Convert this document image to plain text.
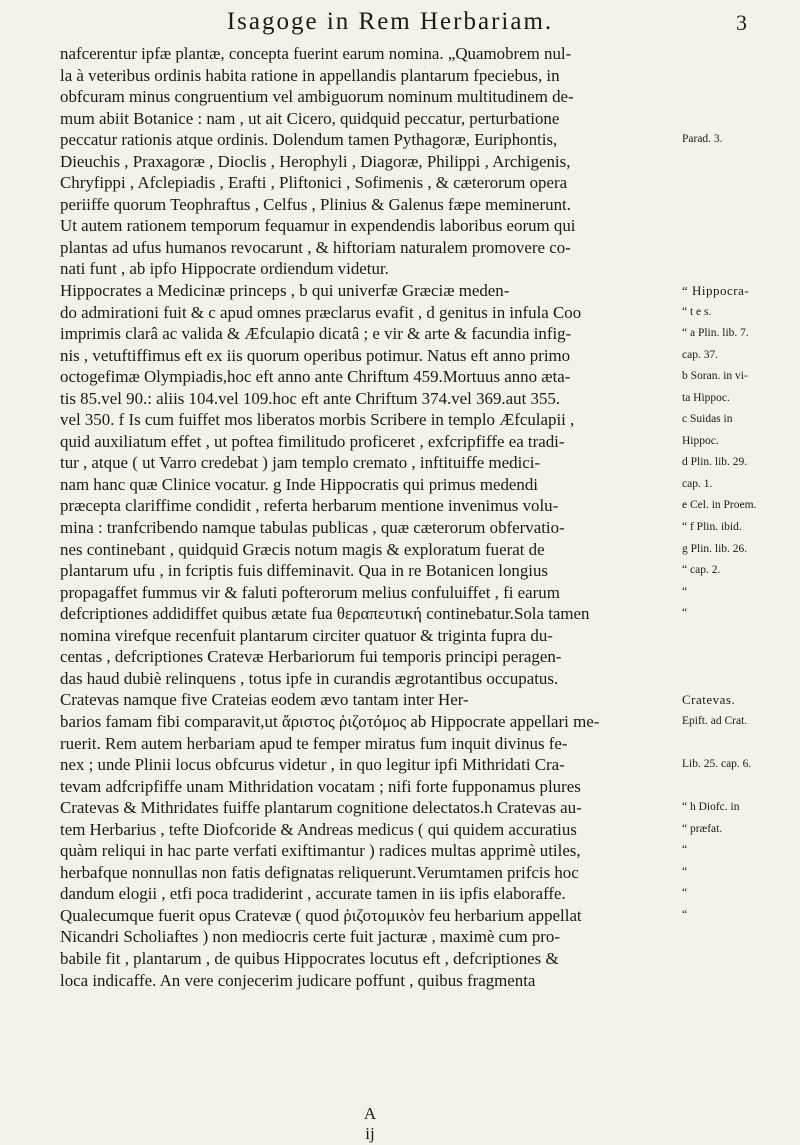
Isagoge in Rem Herbariam.	3
nafcerentur ipfæ plantæ, concepta fuerint earum nomina. „Quamobrem nul-
la à veteribus ordinis habita ratione in appellandis plantarum fpeciebus, in
obfcuram minus congruentium vel ambiguorum nominum multitudinem de-
mum abiit Botanice : nam , ut ait Cicero, quidquid peccatur, perturbatione
peccatur rationis atque ordinis. Dolendum tamen Pythagoræ, Euriphontis,
Dieuchis , Praxagoræ , Dioclis , Herophyli , Diagoræ, Philippi , Archigenis,
Chryfippi , Afclepiadis , Erafti , Pliftonici , Sofimenis , & cæterorum opera
periiffe quorum Teophraftus , Celfus , Plinius & Galenus fæpe meminerunt.
Ut autem rationem temporum fequamur in expendendis laboribus eorum qui
plantas ad ufus humanos revocarunt , & hiftoriam naturalem promovere co-
nati funt , ab ipfo Hippocrate ordiendum videtur.
Hippocrates a Medicinæ princeps , b qui univerfæ Græciæ meden-
do admirationi fuit & c apud omnes præclarus evafit , d genitus in infula Coo
imprimis clarâ ac valida & Æfculapio dicatâ ; e vir & arte & facundia infig-
nis , vetuftiffimus eft ex iis quorum operibus potimur. Natus eft anno primo
octogefimæ Olympiadis,hoc eft anno ante Chriftum 459.Mortuus anno æta-
tis 85.vel 90.: aliis 104.vel 109.hoc eft ante Chriftum 374.vel 369.aut 355.
vel 350. f Is cum fuiffet mos liberatos morbis Scribere in templo Æfculapii ,
quid auxiliatum effet , ut poftea fimilitudo proficeret , exfcripfiffe ea tradi-
tur , atque ( ut Varro credebat ) jam templo cremato , inftituiffe medici-
nam hanc quæ Clinice vocatur. g Inde Hippocratis qui primus medendi
præcepta clariffime condidit , referta herbarum mentione invenimus volu-
mina : tranfcribendo namque tabulas publicas , quæ cæterorum obfervatio-
nes continebant , quidquid Græcis notum magis & exploratum fuerat de
plantarum ufu , in fcriptis fuis diffeminavit. Qua in re Botanicen longius
propagaffet fummus vir & faluti pofterorum melius confuluiffet , fi earum
defcriptiones addidiffet quibus ætate fua θεραπευτική continebatur.Sola tamen
nomina virefque recenfuit plantarum circiter quatuor & triginta fupra du-
centas , defcriptiones Cratevæ Herbariorum fui temporis principi peragen-
das haud dubiè relinquens , totus ipfe in curandis ægrotantibus occupatus.
Cratevas namque five Crateias eodem ævo tantam inter Her-
barios famam fibi comparavit,ut ἄριστος ῥιζοτόμος ab Hippocrate appellari me-
ruerit. Rem autem herbariam apud te femper miratus fum inquit divinus fe-
nex ; unde Plinii locus obfcurus videtur , in quo legitur ipfi Mithridati Cra-
tevam adfcripfiffe unam Mithridation vocatam ; nifi forte fupponamus plures
Cratevas & Mithridates fuiffe plantarum cognitione delectatos.h Cratevas au-
tem Herbarius , tefte Diofcoride & Andreas medicus ( qui quidem accuratius
quàm reliqui in hac parte verfati exiftimantur ) radices multas apprimè utiles,
herbafque nonnullas non fatis defignatas reliquerunt.Verumtamen prifcis hoc
dandum elogii , etfi poca tradiderint , accurate tamen in iis ipfis elaboraffe.
Qualecumque fuerit opus Cratevæ ( quod ῥιζοτομικὸν feu herbarium appellat
Nicandri Scholiaftes ) non mediocris certe fuit jacturæ , maximè cum pro-
babile fit , plantarum , de quibus Hippocrates locutus eft , defcriptiones &
loca indicaffe. An vere conjecerim judicare poffunt , quibus fragmenta
Parad. 3.
“ Hippocra-
“ t e s.
“ a Plin. lib. 7.
cap. 37.
b Soran. in vi-
ta Hippoc.
c Suidas in
Hippoc.
d Plin. lib. 29.
cap. 1.
e Cel. in Proem.
“ f Plin. ibid.
g Plin. lib. 26.
“ cap. 2.
“
“
Cratevas.
Epift. ad Crat.
Lib. 25. cap. 6.
“ h Diofc. in
“ præfat.
“
“
“
“
A
ij
